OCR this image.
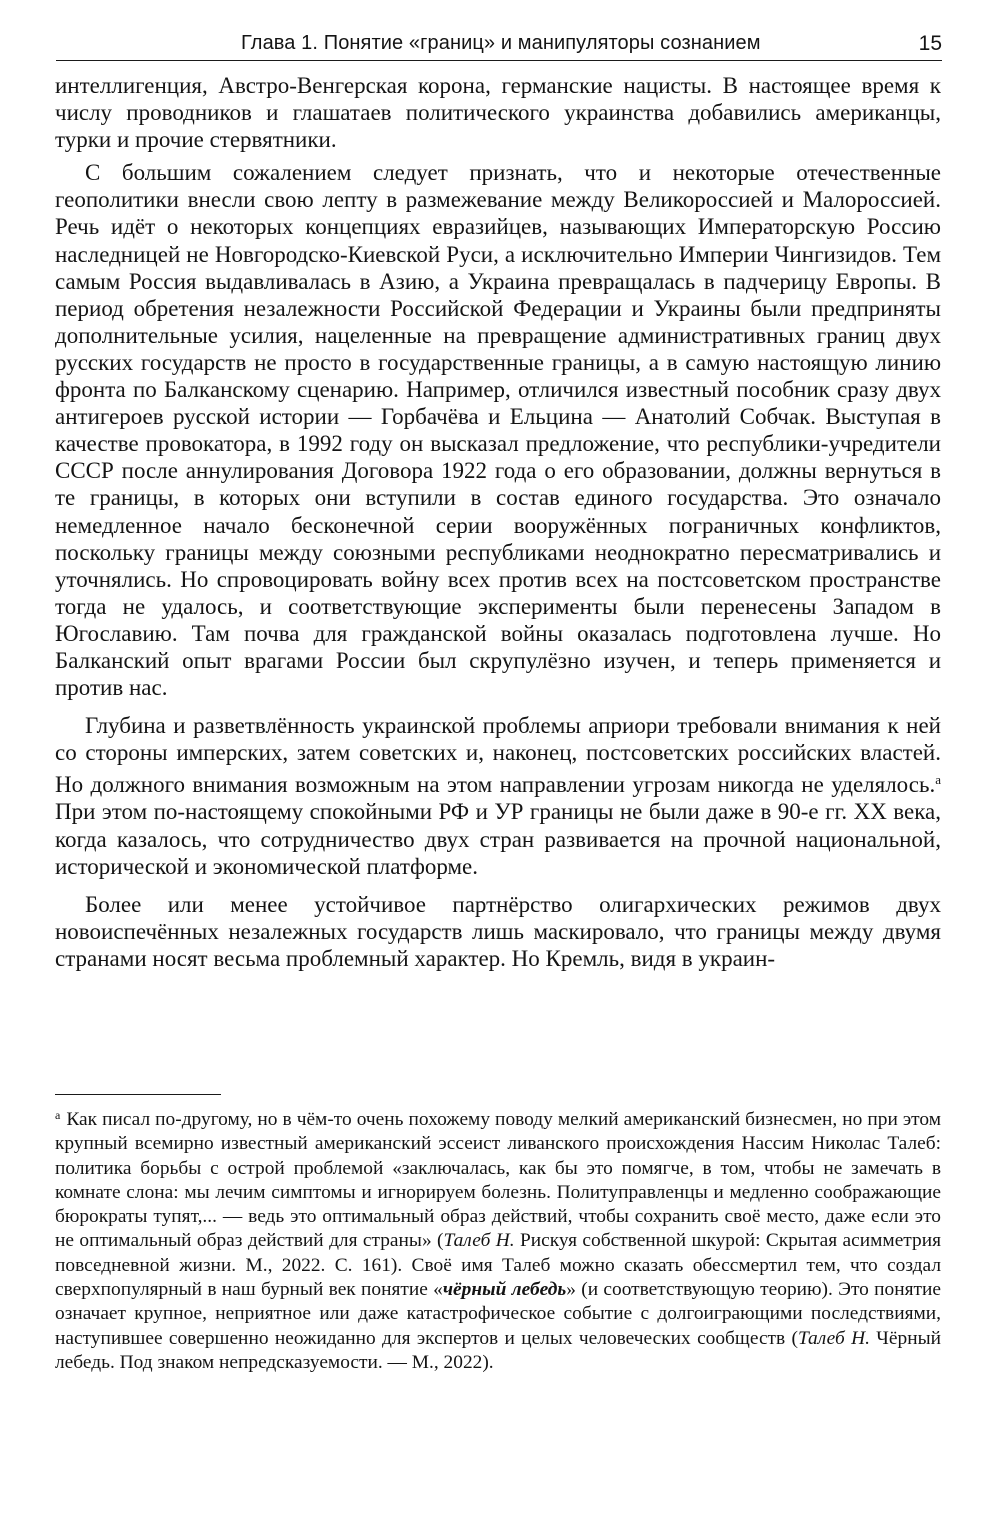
Глава 1. Понятие «границ» и манипуляторы сознанием	15

интеллигенция, Австро-Венгерская корона, германские нацисты. В настоящее время к числу проводников и глашатаев политического украинства добавились американцы, турки и прочие стервятники.

С большим сожалением следует признать, что и некоторые отечественные геополитики внесли свою лепту в размежевание между Великороссией и Малороссией. Речь идёт о некоторых концепциях евразийцев, называющих Императорскую Россию наследницей не Новгородско-Киевской Руси, а исключительно Империи Чингизидов. Тем самым Россия выдавливалась в Азию, а Украина превращалась в падчерицу Европы. В период обретения незалежности Российской Федерации и Украины были предприняты дополнительные усилия, нацеленные на превращение административных границ двух русских государств не просто в государственные границы, а в самую настоящую линию фронта по Балканскому сценарию. Например, отличился известный пособник сразу двух антигероев русской истории — Горбачёва и Ельцина — Анатолий Собчак. Выступая в качестве провокатора, в 1992 году он высказал предложение, что республики-учредители СССР после аннулирования Договора 1922 года о его образовании, должны вернуться в те границы, в которых они вступили в состав единого государства. Это означало немедленное начало бесконечной серии вооружённых пограничных конфликтов, поскольку границы между союзными республиками неоднократно пересматривались и уточнялись. Но спровоцировать войну всех против всех на постсоветском пространстве тогда не удалось, и соответствующие эксперименты были перенесены Западом в Югославию. Там почва для гражданской войны оказалась подготовлена лучше. Но Балканский опыт врагами России был скрупулёзно изучен, и теперь применяется и против нас.

Глубина и разветвлённость украинской проблемы априори требовали внимания к ней со стороны имперских, затем советских и, наконец, постсоветских российских властей. Но должного внимания возможным на этом направлении угрозам никогда не уделялось.$^а$ При этом по-настоящему спокойными РФ и УР границы не были даже в 90-е гг. XX века, когда казалось, что сотрудничество двух стран развивается на прочной национальной, исторической и экономической платформе.

Более или менее устойчивое партнёрство олигархических режимов двух новоиспечённых незалежных государств лишь маскировало, что границы между двумя странами носят весьма проблемный характер. Но Кремль, видя в украин-

$^а$ Как писал по-другому, но в чём-то очень похожему поводу мелкий американский бизнесмен, но при этом крупный всемирно известный американский эссеист ливанского происхождения Нассим Николас Талеб: политика борьбы с острой проблемой «заключалась, как бы это помягче, в том, чтобы не замечать в комнате слона: мы лечим симптомы и игнорируем болезнь. Политуправленцы и медленно соображающие бюрократы тупят,... — ведь это оптимальный образ действий, чтобы сохранить своё место, даже если это не оптимальный образ действий для страны» (Талеб Н. Рискуя собственной шкурой: Скрытая асимметрия повседневной жизни. М., 2022. С. 161). Своё имя Талеб можно сказать обессмертил тем, что создал сверхпопулярный в наш бурный век понятие «чёрный лебедь» (и соответствующую теорию). Это понятие означает крупное, неприятное или даже катастрофическое событие с долгоиграющими последствиями, наступившее совершенно неожиданно для экспертов и целых человеческих сообществ (Талеб Н. Чёрный лебедь. Под знаком непредсказуемости. — М., 2022).
